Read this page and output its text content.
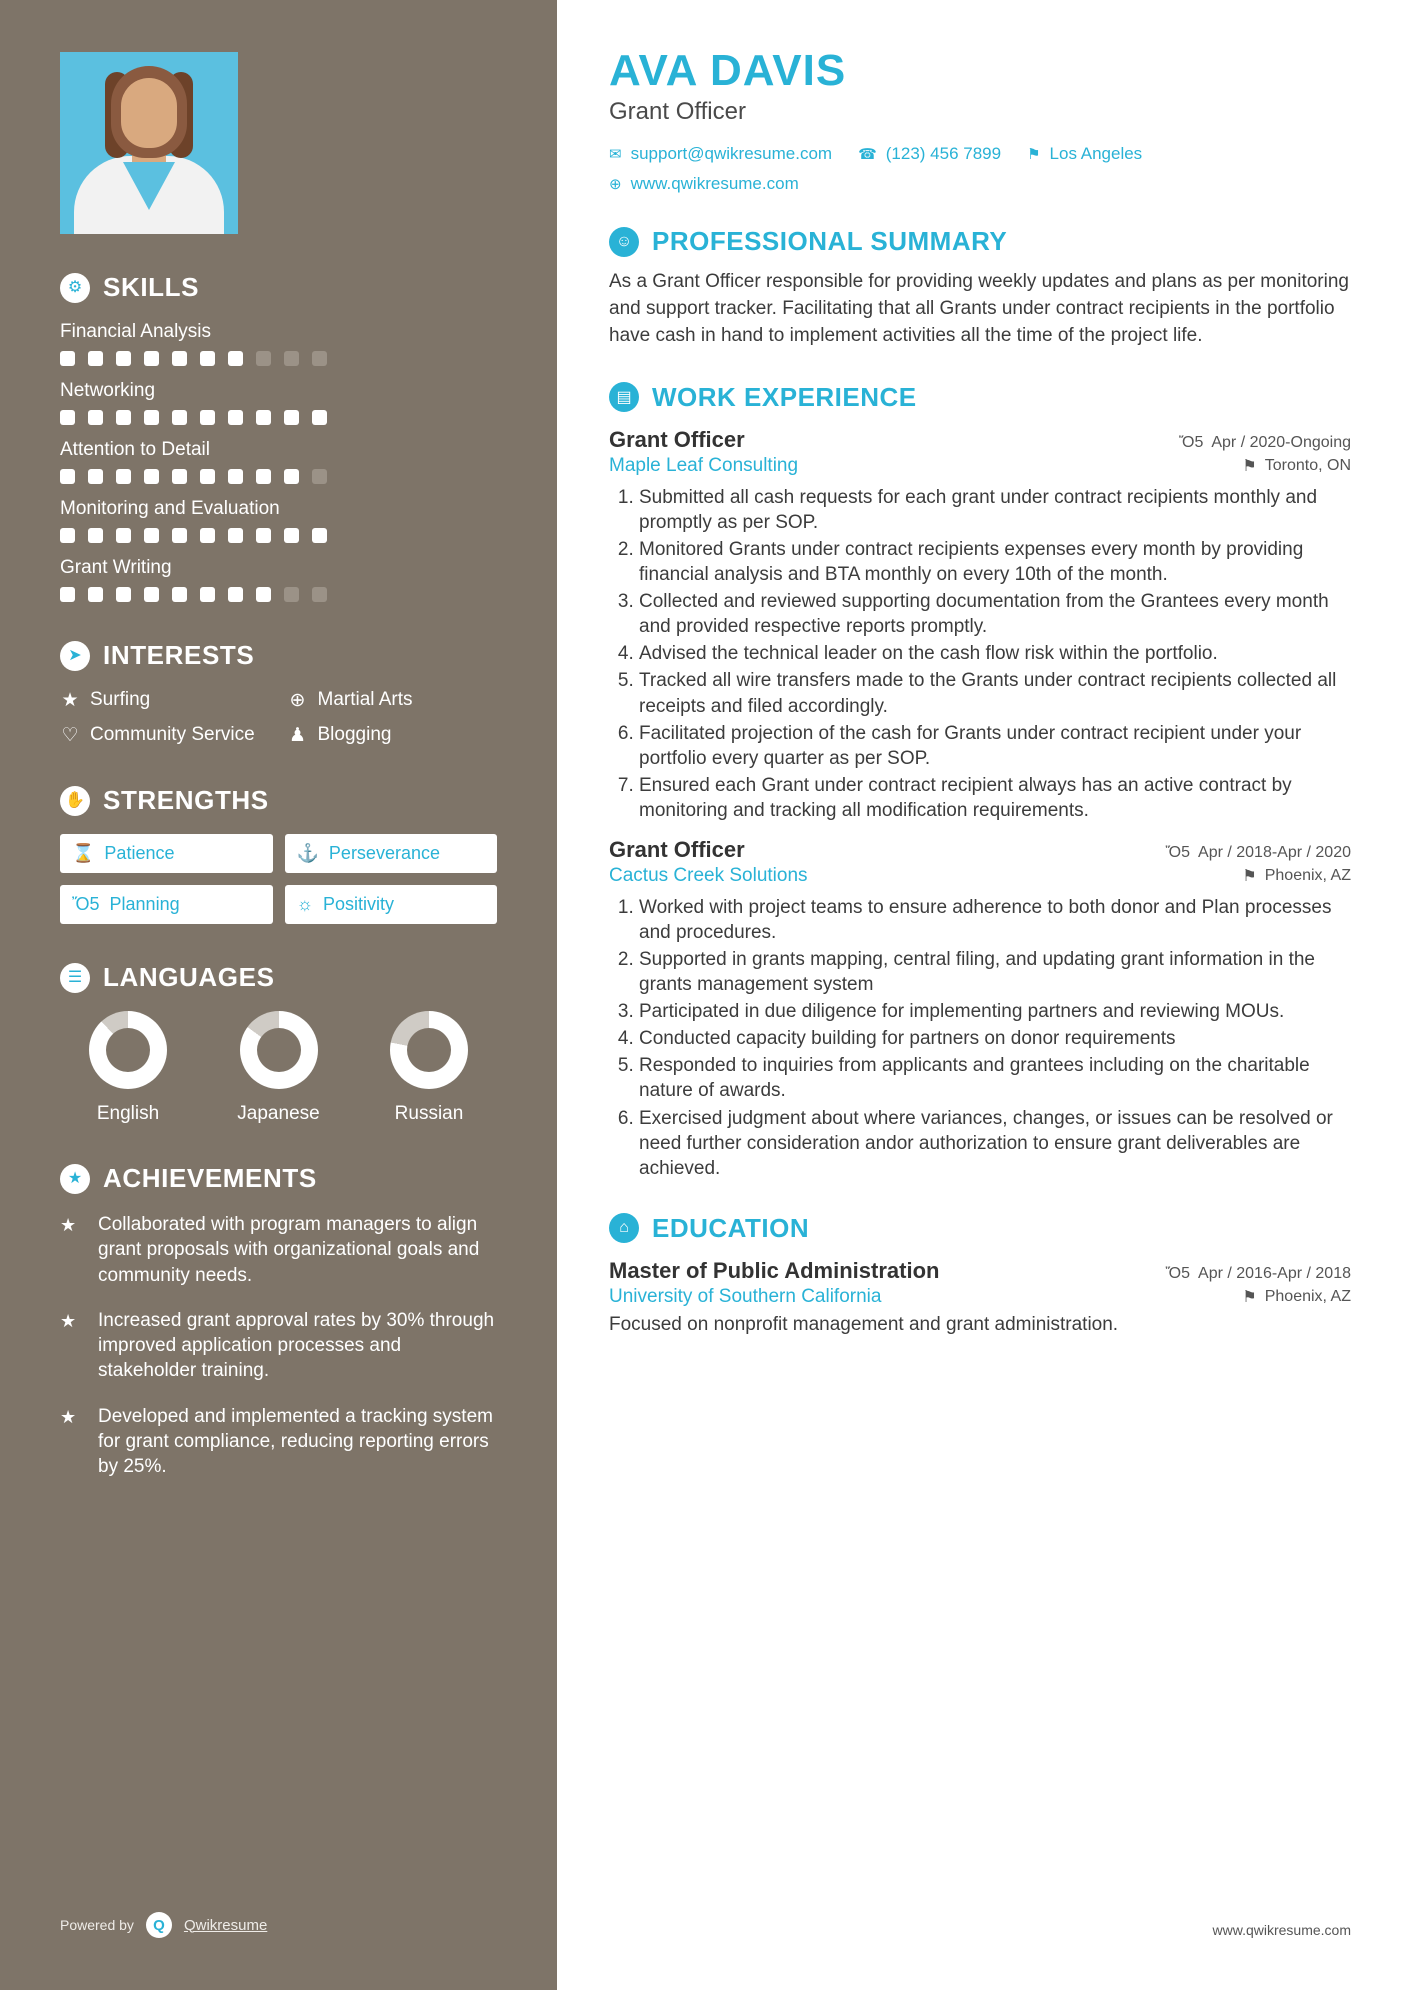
⚙ SKILLS
Financial Analysis
Networking
Attention to Detail
Monitoring and Evaluation
Grant Writing
➤ INTERESTS
★ Surfing	⊕ Martial Arts
♡ Community Service ♟ Blogging
✋ STRENGTHS
⌛ Patience	⚓ Perseverance
Ὄ5 Planning	☼ Positivity
☰ LANGUAGES
English	Japanese	Russian
★ ACHIEVEMENTS
★	Collaborated with program managers to align grant proposals with organizational goals and community needs.

★	Increased grant approval rates by 30% through improved application processes and stakeholder training.

★	Developed and implemented a tracking system for grant compliance, reducing reporting errors by 25%.

Powered by	Q	Qwikresume
AVA DAVIS
Grant Officer
✉ support@qwikresume.com ☎ (123) 456 7899 ⚑ Los Angeles
⊕ www.qwikresume.com
☺ PROFESSIONAL SUMMARY

As a Grant Officer responsible for providing weekly updates and plans as per monitoring and support tracker. Facilitating that all Grants under contract recipients in the portfolio have cash in hand to implement activities all the time of the project life.

▤ WORK EXPERIENCE
Grant Officer	Ὄ5 Apr / 2020-Ongoing
Maple Leaf Consulting	⚑ Toronto, ON
1. Submitted all cash requests for each grant under contract recipients monthly and promptly as per SOP.
2. Monitored Grants under contract recipients expenses every month by providing financial analysis and BTA monthly on every 10th of the month.
3. Collected and reviewed supporting documentation from the Grantees every month and provided respective reports promptly.
4. Advised the technical leader on the cash flow risk within the portfolio.
5. Tracked all wire transfers made to the Grants under contract recipients collected all receipts and filed accordingly.
6. Facilitated projection of the cash for Grants under contract recipient under your portfolio every quarter as per SOP.
7. Ensured each Grant under contract recipient always has an active contract by monitoring and tracking all modification requirements.
Grant Officer	Ὄ5 Apr / 2018-Apr / 2020
Cactus Creek Solutions	⚑ Phoenix, AZ
1. Worked with project teams to ensure adherence to both donor and Plan processes and procedures.
2. Supported in grants mapping, central filing, and updating grant information in the grants management system
3. Participated in due diligence for implementing partners and reviewing MOUs.
4. Conducted capacity building for partners on donor requirements
5. Responded to inquiries from applicants and grantees including on the charitable nature of awards.
6. Exercised judgment about where variances, changes, or issues can be resolved or need further consideration andor authorization to ensure grant deliverables are achieved.
⌂ EDUCATION
Master of Public Administration	Ὄ5 Apr / 2016-Apr / 2018
University of Southern California	⚑ Phoenix, AZ
Focused on nonprofit management and grant administration.
www.qwikresume.com
